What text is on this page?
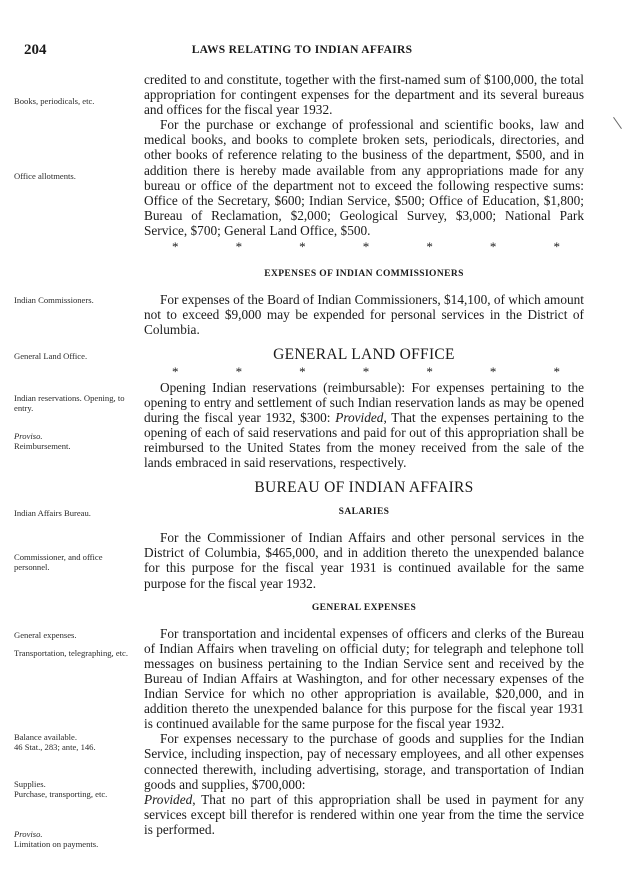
204	LAWS RELATING TO INDIAN AFFAIRS

credited to and constitute, together with the first-named sum of $100,000, the total appropriation for contingent expenses for the department and its several bureaus and offices for the fiscal year 1932.

For the purchase or exchange of professional and scientific books, law and medical books, and books to complete broken sets, periodicals, directories, and other books of reference relating to the business of the department, $500, and in addition there is hereby made available from any appropriations made for any bureau or office of the department not to exceed the following respective sums: Office of the Secretary, $600; Indian Service, $500; Office of Education, $1,800; Bureau of Reclamation, $2,000; Geological Survey, $3,000; National Park Service, $700; General Land Office, $500.

*	*	*	*	*	*	*

EXPENSES OF INDIAN COMMISSIONERS

For expenses of the Board of Indian Commissioners, $14,100, of which amount not to exceed $9,000 may be expended for personal services in the District of Columbia.

GENERAL LAND OFFICE

*	*	*	*	*	*	*

Opening Indian reservations (reimbursable): For expenses pertaining to the opening to entry and settlement of such Indian reservation lands as may be opened during the fiscal year 1932, $300: Provided, That the expenses pertaining to the opening of each of said reservations and paid for out of this appropriation shall be reimbursed to the United States from the money received from the sale of the lands embraced in said reservations, respectively.

BUREAU OF INDIAN AFFAIRS

SALARIES

For the Commissioner of Indian Affairs and other personal services in the District of Columbia, $465,000, and in addition thereto the unexpended balance for this purpose for the fiscal year 1931 is continued available for the same purpose for the fiscal year 1932.

GENERAL EXPENSES

For transportation and incidental expenses of officers and clerks of the Bureau of Indian Affairs when traveling on official duty; for telegraph and telephone toll messages on business pertaining to the Indian Service sent and received by the Bureau of Indian Affairs at Washington, and for other necessary expenses of the Indian Service for which no other appropriation is available, $20,000, and in addition thereto the unexpended balance for this purpose for the fiscal year 1931 is continued available for the same purpose for the fiscal year 1932.

For expenses necessary to the purchase of goods and supplies for the Indian Service, including inspection, pay of necessary employees, and all other expenses connected therewith, including advertising, storage, and transportation of Indian goods and supplies, $700,000:

Provided, That no part of this appropriation shall be used in payment for any services except bill therefor is rendered within one year from the time the service is performed.

Books, periodicals, etc.
Office allotments.
Indian Commissioners.
General Land Office.
Indian reservations. Opening, to entry.
Proviso.
Reimbursement.
Indian Affairs Bureau.
Commissioner, and office personnel.
General expenses.
Transportation, telegraphing, etc.
Balance available.
46 Stat., 283; ante, 146.
Supplies.
Purchase, transporting, etc.
Proviso.
Limitation on payments.
